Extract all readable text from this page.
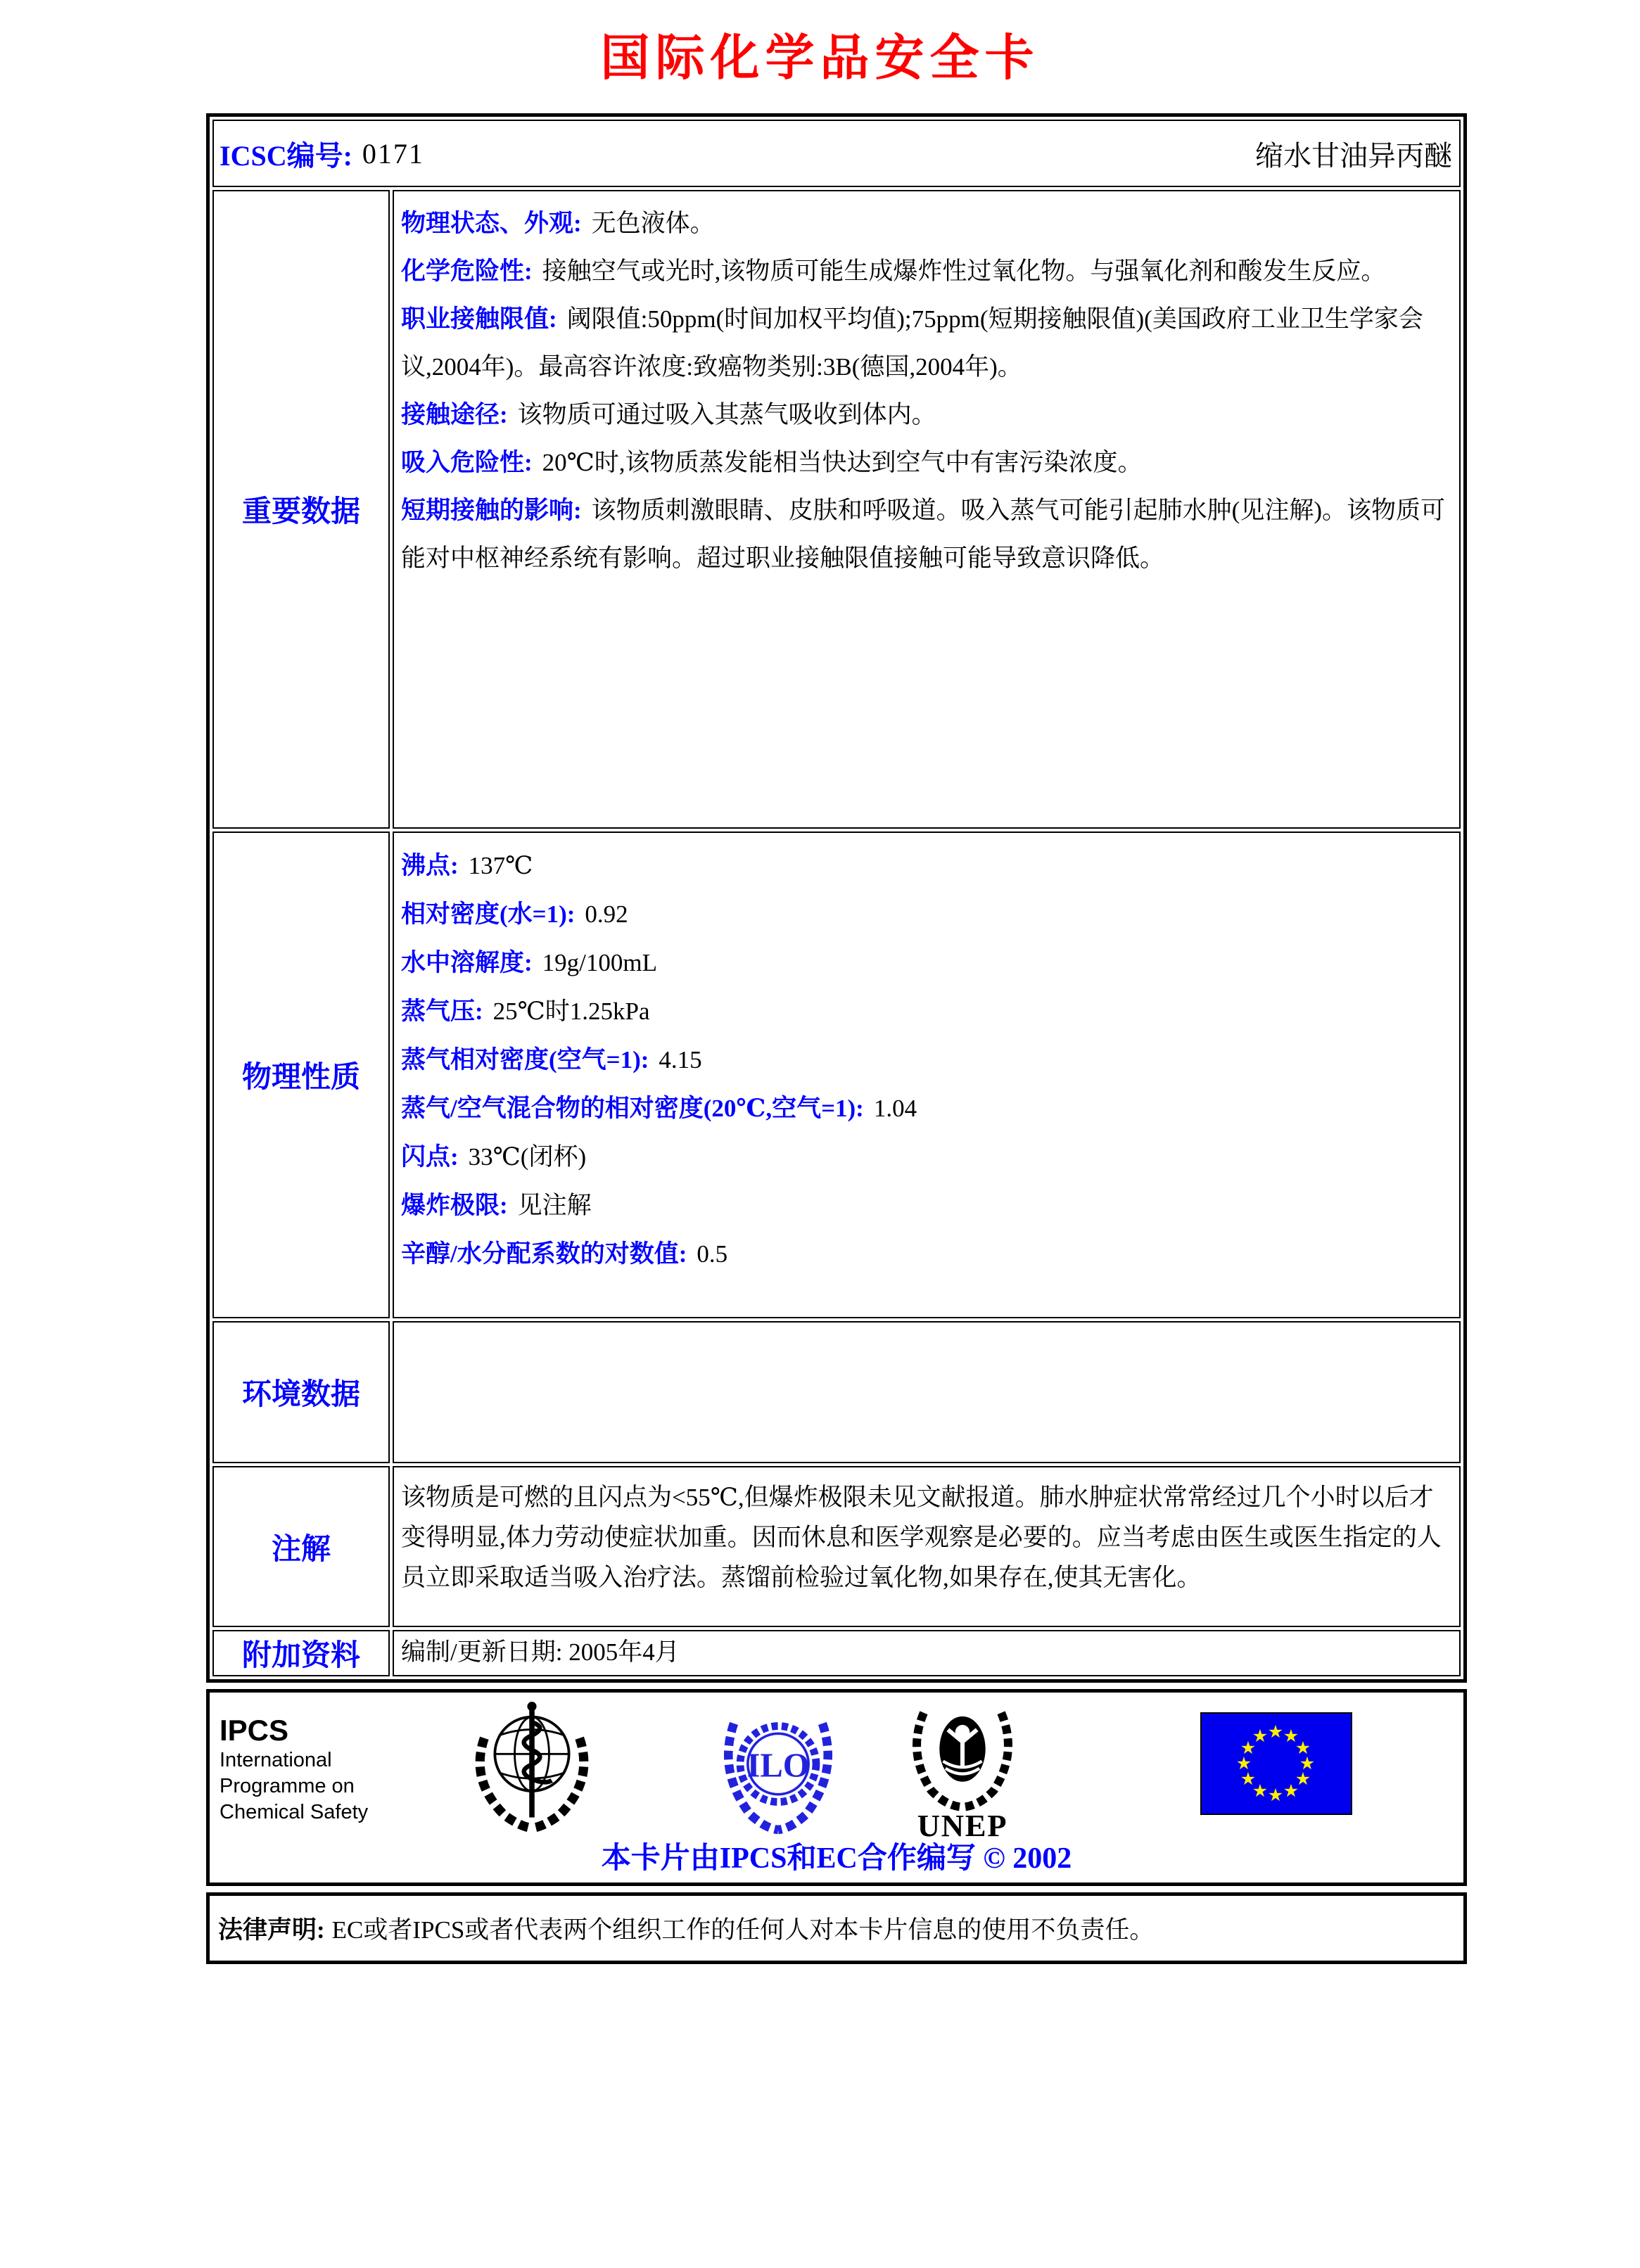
国际化学品安全卡
ICSC编号: 0171	缩水甘油异丙醚
重要数据
物理状态、外观: 无色液体。
化学危险性: 接触空气或光时,该物质可能生成爆炸性过氧化物。与强氧化剂和酸发生反应。
职业接触限值: 阈限值:50ppm(时间加权平均值);75ppm(短期接触限值)(美国政府工业卫生学家会议,2004年)。最高容许浓度:致癌物类别:3B(德国,2004年)。
接触途径: 该物质可通过吸入其蒸气吸收到体内。
吸入危险性: 20℃时,该物质蒸发能相当快达到空气中有害污染浓度。
短期接触的影响: 该物质刺激眼睛、皮肤和呼吸道。吸入蒸气可能引起肺水肿(见注解)。该物质可能对中枢神经系统有影响。超过职业接触限值接触可能导致意识降低。
物理性质
沸点: 137℃
相对密度(水=1): 0.92
水中溶解度: 19g/100mL
蒸气压: 25℃时1.25kPa
蒸气相对密度(空气=1): 4.15
蒸气/空气混合物的相对密度(20℃,空气=1): 1.04
闪点: 33℃(闭杯)
爆炸极限: 见注解
辛醇/水分配系数的对数值: 0.5
环境数据
注解
该物质是可燃的且闪点为<55℃,但爆炸极限未见文献报道。肺水肿症状常常经过几个小时以后才变得明显,体力劳动使症状加重。因而休息和医学观察是必要的。应当考虑由医生或医生指定的人员立即采取适当吸入治疗法。蒸馏前检验过氧化物,如果存在,使其无害化。
附加资料	编制/更新日期: 2005年4月
IPCS
International
Programme on
Chemical Safety
ILO
UNEP
★ ★
★
★
★
★
★
★
★
★
★
★
本卡片由IPCS和EC合作编写 © 2002
法律声明: EC或者IPCS或者代表两个组织工作的任何人对本卡片信息的使用不负责任。
